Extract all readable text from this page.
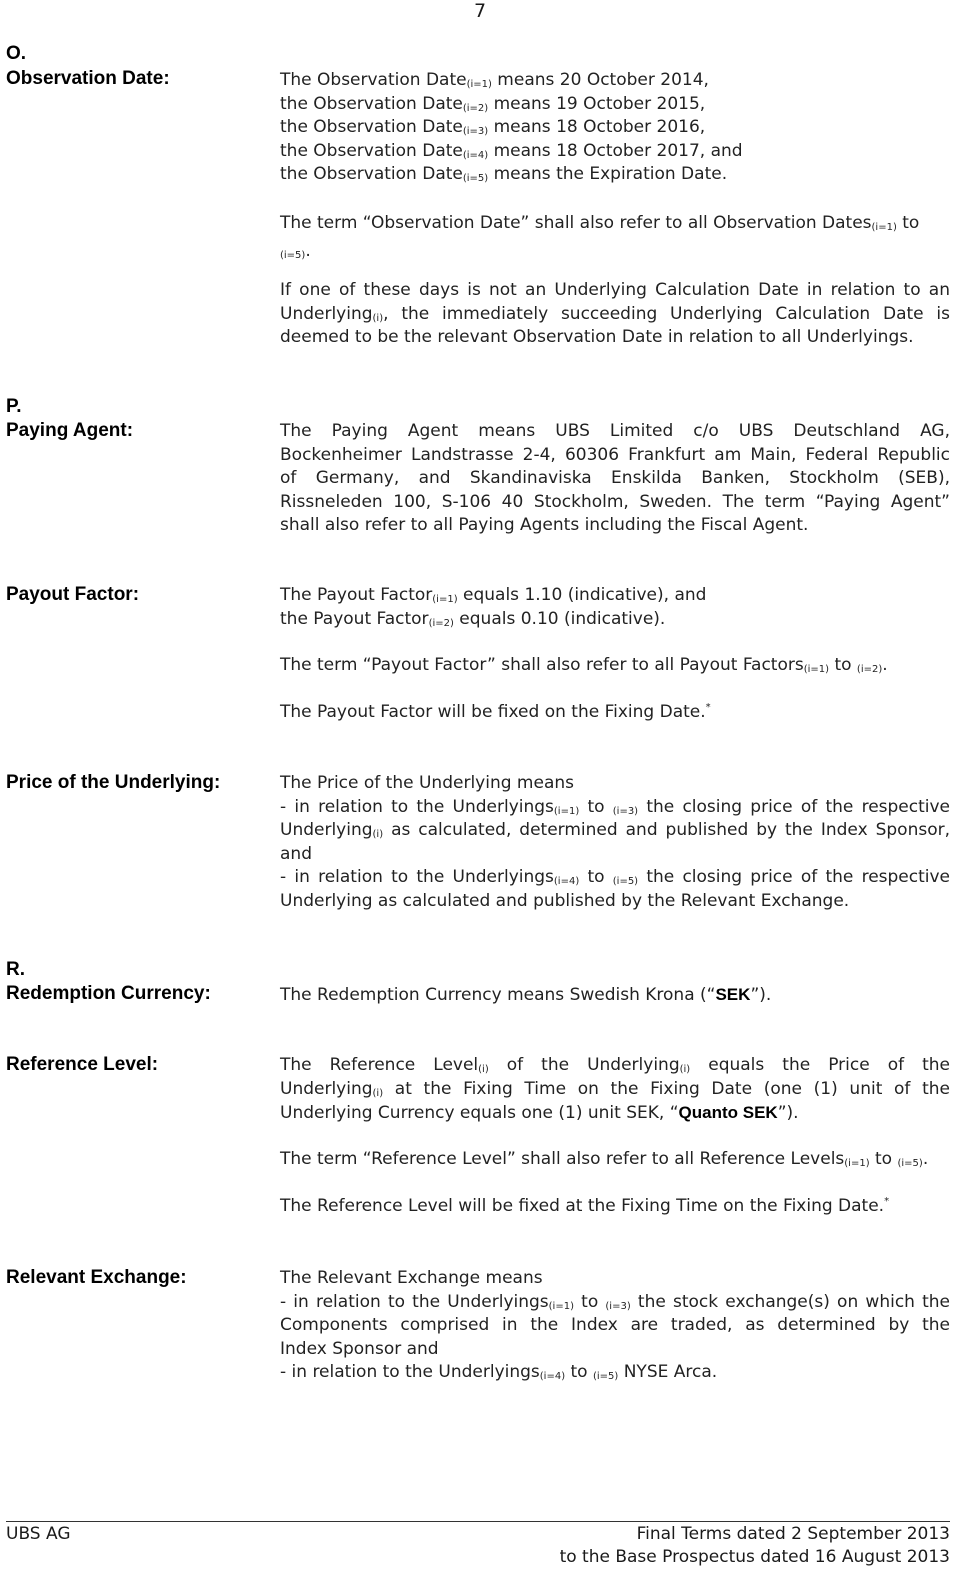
7
O.
Observation Date:	The Observation Date$_{(i=1)}$ means 20 October 2014,
the Observation Date$_{(i=2)}$ means 19 October 2015,
the Observation Date$_{(i=3)}$ means 18 October 2016,
the Observation Date$_{(i=4)}$ means 18 October 2017, and
the Observation Date$_{(i=5)}$ means the Expiration Date.
The term “Observation Date” shall also refer to all Observation Dates$_{(i=1)}$ to
$_{(i=5)}$.
If one of these days is not an Underlying Calculation Date in relation to an
Underlying$_{(i)}$, the immediately succeeding Underlying Calculation Date is
deemed to be the relevant Observation Date in relation to all Underlyings.
P.
Paying Agent:	The Paying Agent means UBS Limited c/o UBS Deutschland AG,
Bockenheimer Landstrasse 2-4, 60306 Frankfurt am Main, Federal Republic
of Germany, and Skandinaviska Enskilda Banken, Stockholm (SEB),
Rissneleden 100, S-106 40 Stockholm, Sweden. The term “Paying Agent”
shall also refer to all Paying Agents including the Fiscal Agent.
Payout Factor:	The Payout Factor$_{(i=1)}$ equals 1.10 (indicative), and
the Payout Factor$_{(i=2)}$ equals 0.10 (indicative).
The term “Payout Factor” shall also refer to all Payout Factors$_{(i=1)}$ to $_{(i=2)}$.
The Payout Factor will be fixed on the Fixing Date.*
Price of the Underlying:	The Price of the Underlying means
- in relation to the Underlyings$_{(i=1)}$ to $_{(i=3)}$ the closing price of the respective
Underlying$_{(i)}$ as calculated, determined and published by the Index Sponsor,
and
- in relation to the Underlyings$_{(i=4)}$ to $_{(i=5)}$ the closing price of the respective
Underlying as calculated and published by the Relevant Exchange.
R.
Redemption Currency:	The Redemption Currency means Swedish Krona (“SEK”).
Reference Level:	The Reference Level$_{(i)}$ of the Underlying$_{(i)}$ equals the Price of the
Underlying$_{(i)}$ at the Fixing Time on the Fixing Date (one (1) unit of the
Underlying Currency equals one (1) unit SEK, “Quanto SEK”).
The term “Reference Level” shall also refer to all Reference Levels$_{(i=1)}$ to $_{(i=5)}$.
The Reference Level will be fixed at the Fixing Time on the Fixing Date.*
Relevant Exchange:	The Relevant Exchange means
- in relation to the Underlyings$_{(i=1)}$ to $_{(i=3)}$ the stock exchange(s) on which the
Components comprised in the Index are traded, as determined by the
Index Sponsor and
- in relation to the Underlyings$_{(i=4)}$ to $_{(i=5)}$ NYSE Arca.
UBS AG	Final Terms dated 2 September 2013
to the Base Prospectus dated 16 August 2013
